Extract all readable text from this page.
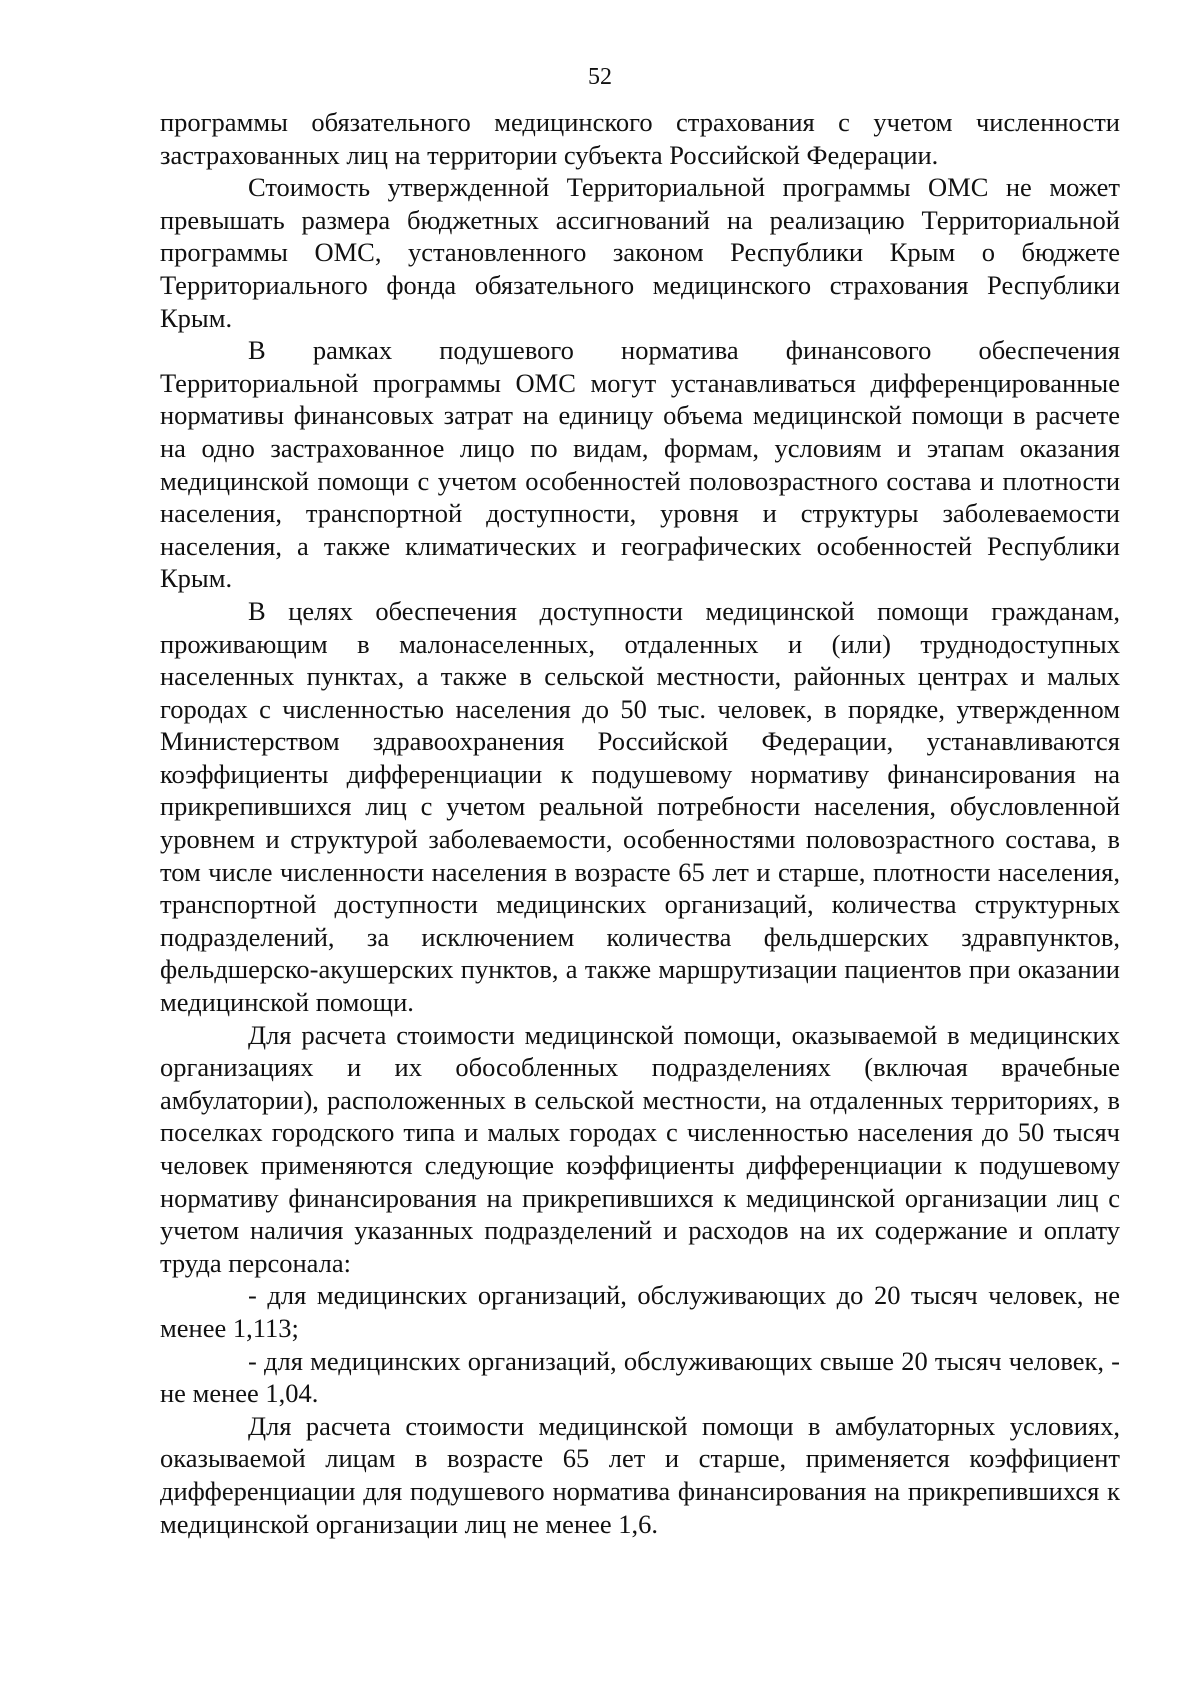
52

программы обязательного медицинского страхования с учетом численности застрахованных лиц на территории субъекта Российской Федерации.

Стоимость утвержденной Территориальной программы ОМС не может превышать размера бюджетных ассигнований на реализацию Территориальной программы ОМС, установленного законом Республики Крым о бюджете Территориального фонда обязательного медицинского страхования Республики Крым.

В рамках подушевого норматива финансового обеспечения Территориальной программы ОМС могут устанавливаться дифференцированные нормативы финансовых затрат на единицу объема медицинской помощи в расчете на одно застрахованное лицо по видам, формам, условиям и этапам оказания медицинской помощи с учетом особенностей половозрастного состава и плотности населения, транспортной доступности, уровня и структуры заболеваемости населения, а также климатических и географических особенностей Республики Крым.

В целях обеспечения доступности медицинской помощи гражданам, проживающим в малонаселенных, отдаленных и (или) труднодоступных населенных пунктах, а также в сельской местности, районных центрах и малых городах с численностью населения до 50 тыс. человек, в порядке, утвержденном Министерством здравоохранения Российской Федерации, устанавливаются коэффициенты дифференциации к подушевому нормативу финансирования на прикрепившихся лиц с учетом реальной потребности населения, обусловленной уровнем и структурой заболеваемости, особенностями половозрастного состава, в том числе численности населения в возрасте 65 лет и старше, плотности населения, транспортной доступности медицинских организаций, количества структурных подразделений, за исключением количества фельдшерских здравпунктов, фельдшерско-акушерских пунктов, а также маршрутизации пациентов при оказании медицинской помощи.

Для расчета стоимости медицинской помощи, оказываемой в медицинских организациях и их обособленных подразделениях (включая врачебные амбулатории), расположенных в сельской местности, на отдаленных территориях, в поселках городского типа и малых городах с численностью населения до 50 тысяч человек применяются следующие коэффициенты дифференциации к подушевому нормативу финансирования на прикрепившихся к медицинской организации лиц с учетом наличия указанных подразделений и расходов на их содержание и оплату труда персонала:

- для медицинских организаций, обслуживающих до 20 тысяч человек, не менее 1,113;

- для медицинских организаций, обслуживающих свыше 20 тысяч человек, - не менее 1,04.

Для расчета стоимости медицинской помощи в амбулаторных условиях, оказываемой лицам в возрасте 65 лет и старше, применяется коэффициент дифференциации для подушевого норматива финансирования на прикрепившихся к медицинской организации лиц не менее 1,6.
